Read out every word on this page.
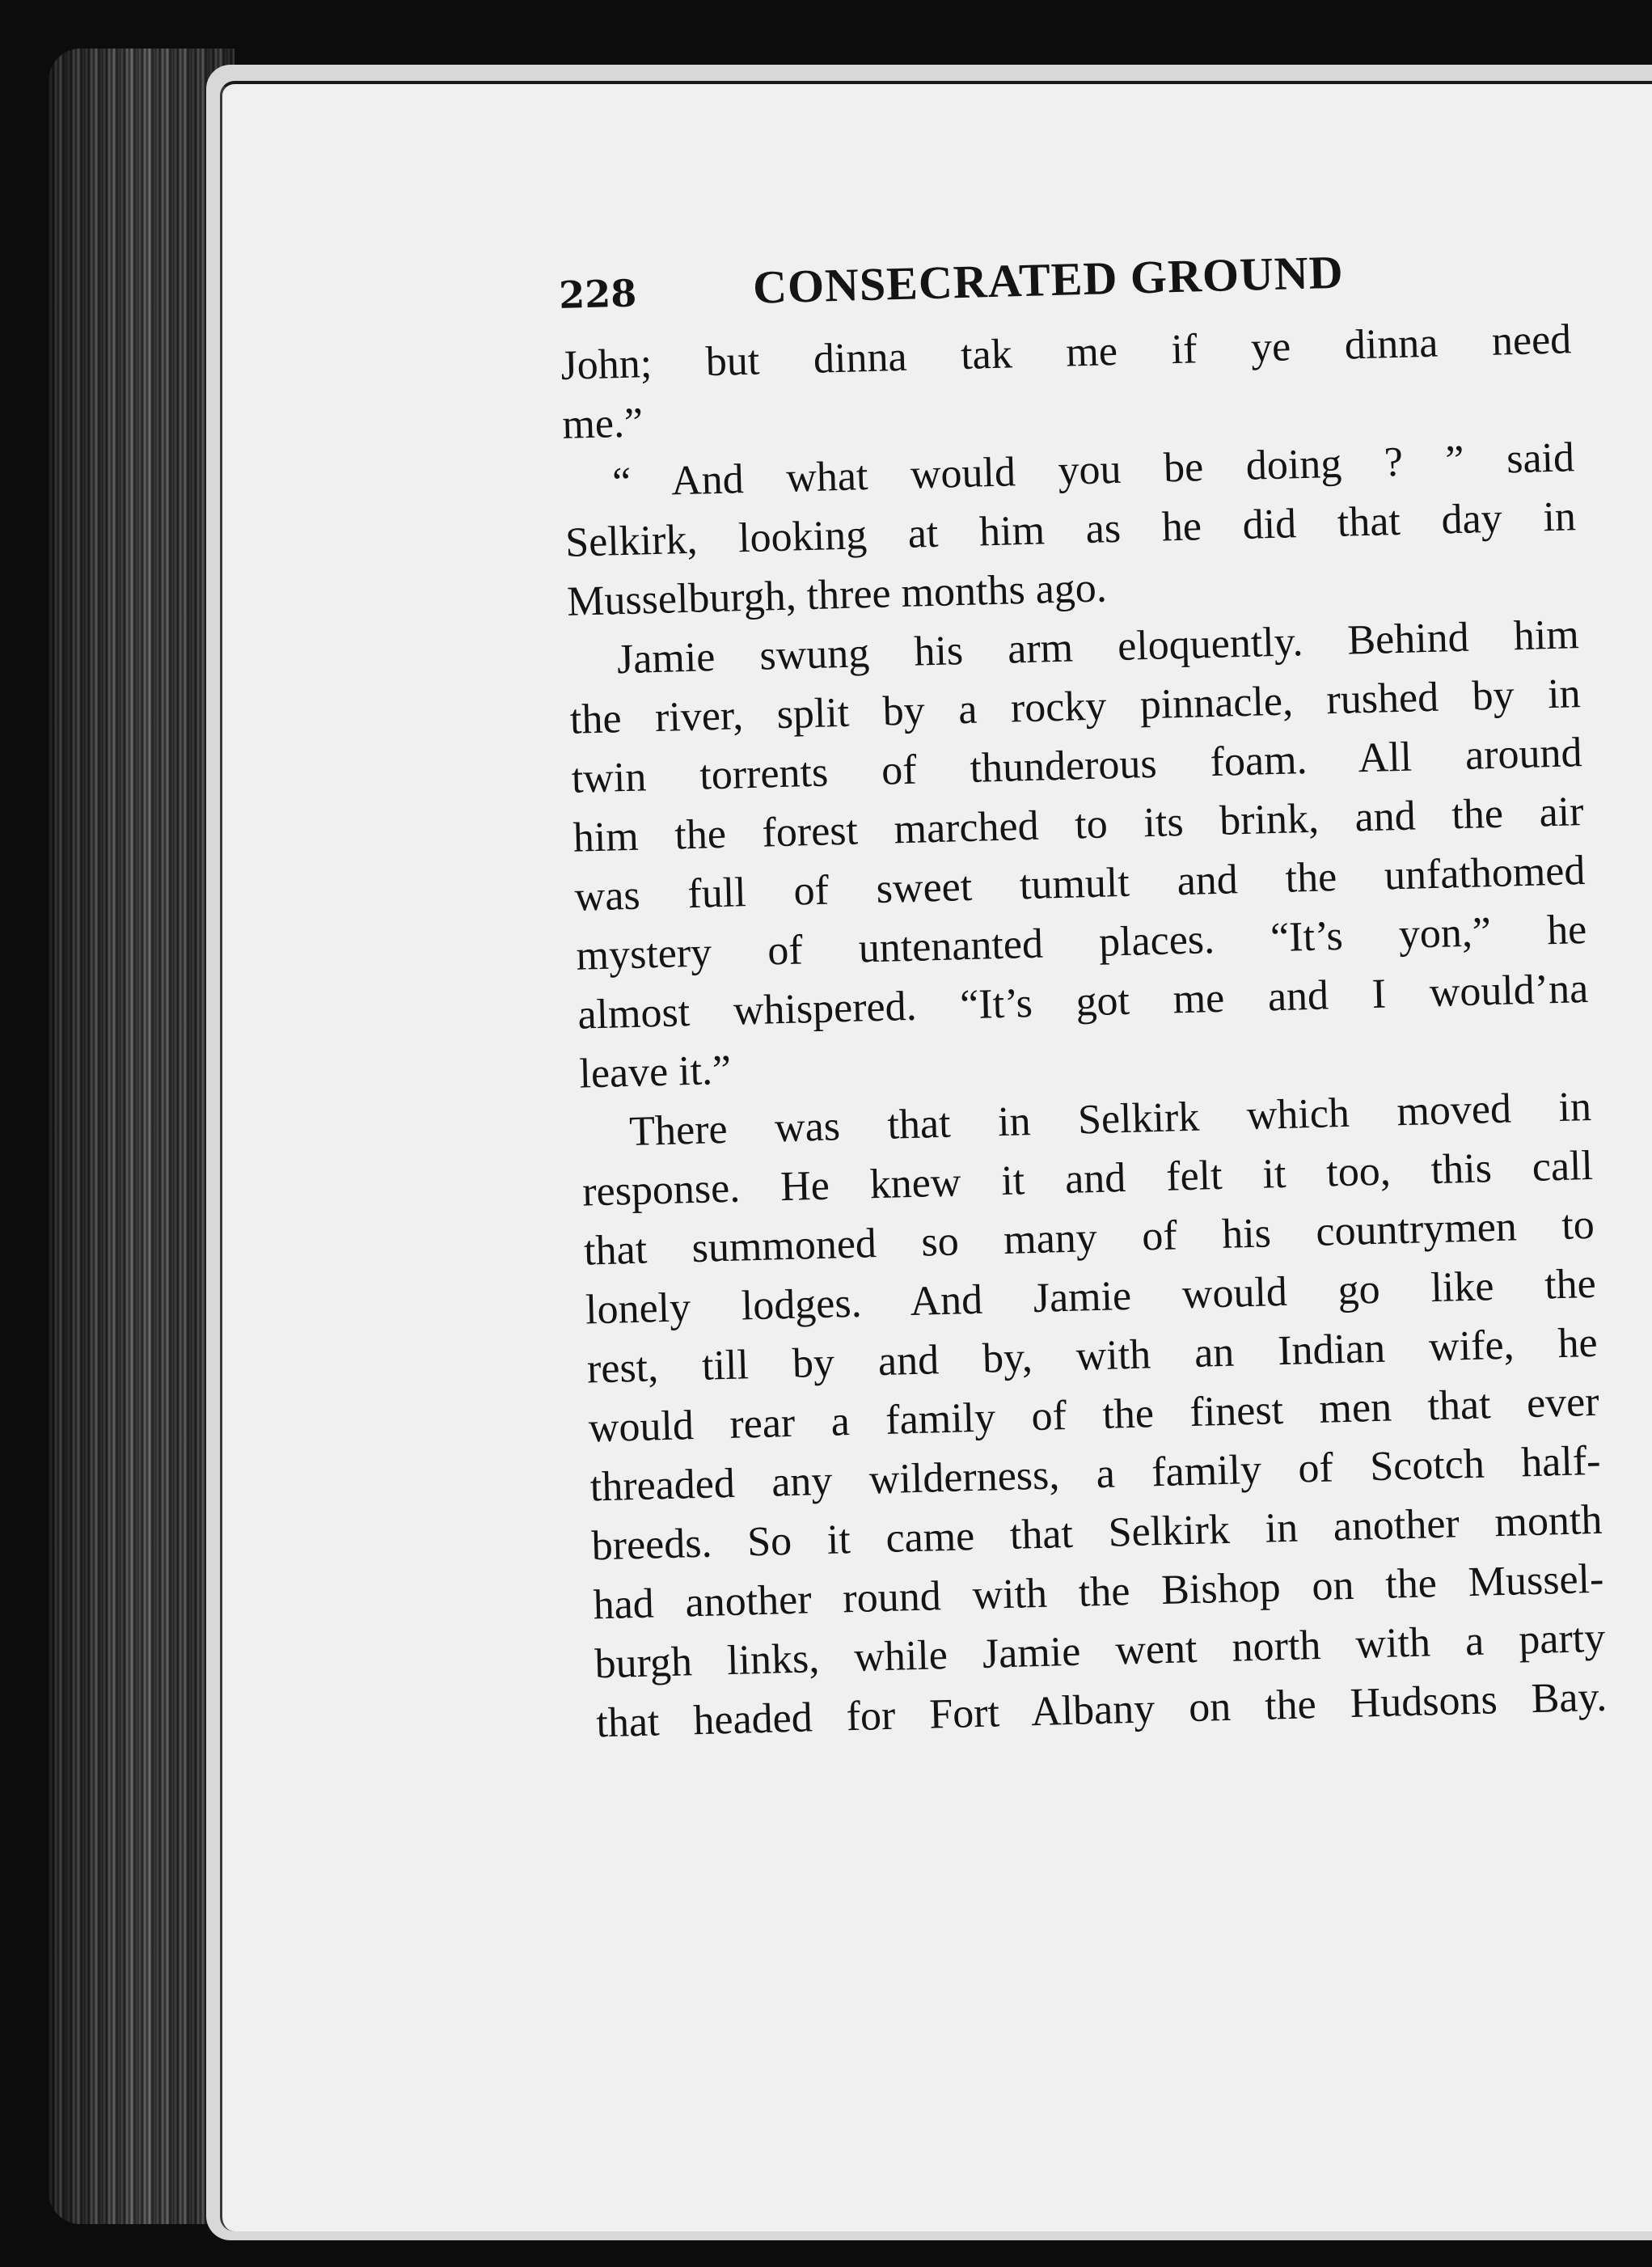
228 CONSECRATED GROUND
John; but dinna tak me if ye dinna need
me.”
“ And what would you be doing ? ” said
Selkirk, looking at him as he did that day in
Musselburgh, three months ago.
Jamie swung his arm eloquently. Behind him
the river, split by a rocky pinnacle, rushed by in
twin torrents of thunderous foam. All around
him the forest marched to its brink, and the air
was full of sweet tumult and the unfathomed
mystery of untenanted places. “It’s yon,” he
almost whispered. “It’s got me and I would’na
leave it.”
There was that in Selkirk which moved in
response. He knew it and felt it too, this call
that summoned so many of his countrymen to
lonely lodges. And Jamie would go like the
rest, till by and by, with an Indian wife, he
would rear a family of the finest men that ever
threaded any wilderness, a family of Scotch half-
breeds. So it came that Selkirk in another month
had another round with the Bishop on the Mussel-
burgh links, while Jamie went north with a party
that headed for Fort Albany on the Hudsons Bay.
